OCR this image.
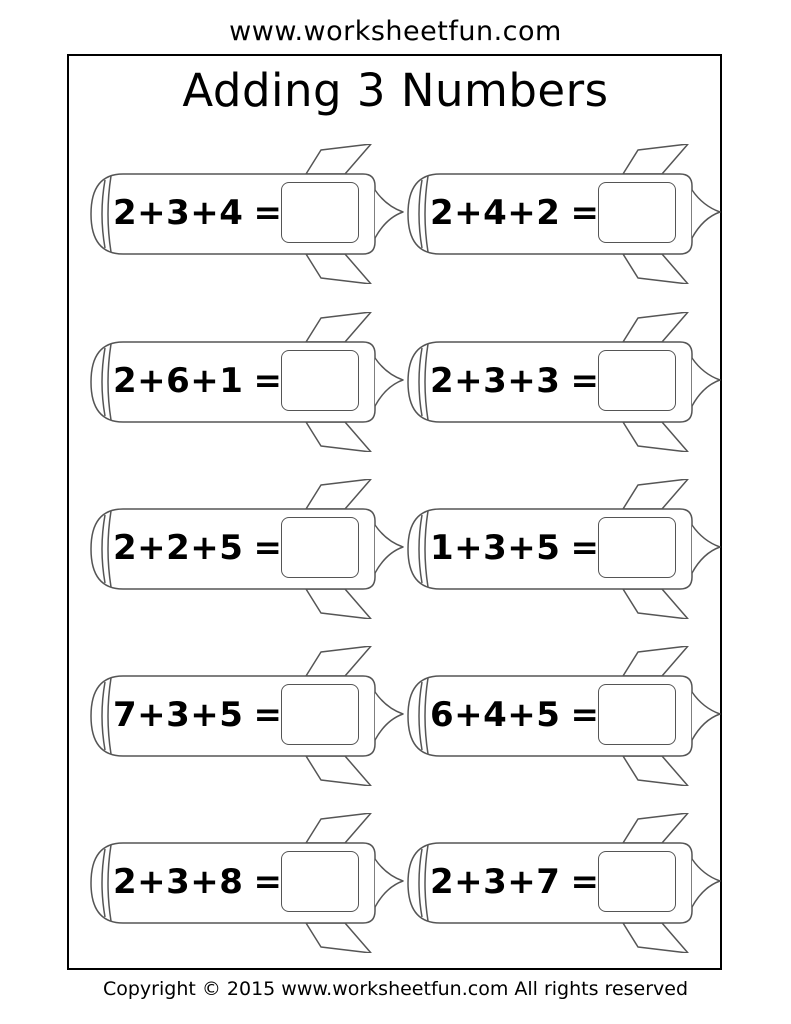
www.worksheetfun.com
Adding 3 Numbers
2+3+4 =	2+4+2 =
2+6+1 =	2+3+3 =
2+2+5 =	1+3+5 =
7+3+5 =	6+4+5 =
2+3+8 =	2+3+7 =
Copyright © 2015 www.worksheetfun.com All rights reserved
